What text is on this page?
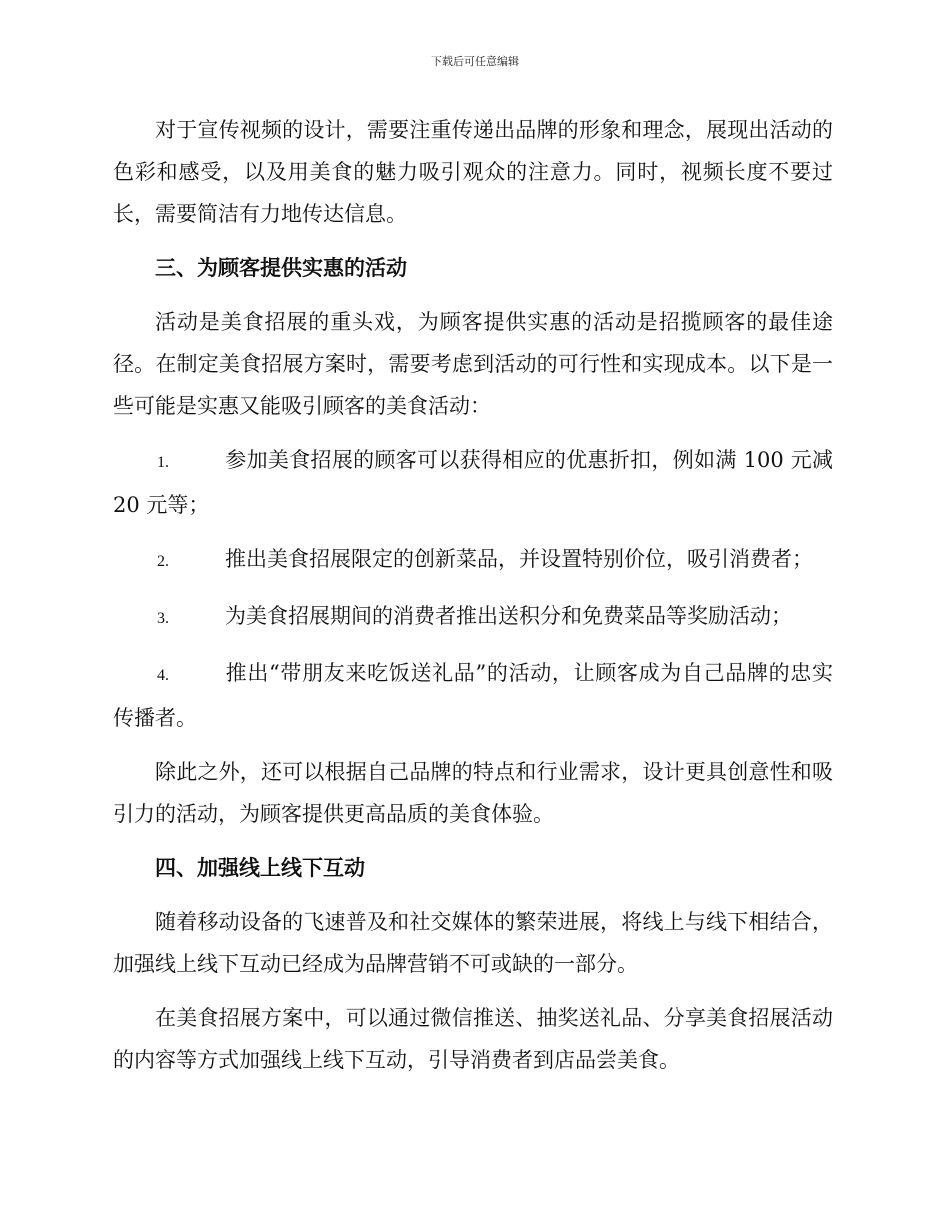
下载后可任意编辑

对于宣传视频的设计，需要注重传递出品牌的形象和理念，展现出活动的色彩和感受，以及用美食的魅力吸引观众的注意力。同时，视频长度不要过长，需要简洁有力地传达信息。

三、为顾客提供实惠的活动

活动是美食招展的重头戏，为顾客提供实惠的活动是招揽顾客的最佳途径。在制定美食招展方案时，需要考虑到活动的可行性和实现成本。以下是一些可能是实惠又能吸引顾客的美食活动：

1.	参加美食招展的顾客可以获得相应的优惠折扣，例如满 100 元减 20 元等；
2.	推出美食招展限定的创新菜品，并设置特别价位，吸引消费者；
3.	为美食招展期间的消费者推出送积分和免费菜品等奖励活动；
4.	推出“带朋友来吃饭送礼品”的活动，让顾客成为自己品牌的忠实传播者。

除此之外，还可以根据自己品牌的特点和行业需求，设计更具创意性和吸引力的活动，为顾客提供更高品质的美食体验。

四、加强线上线下互动

随着移动设备的飞速普及和社交媒体的繁荣进展，将线上与线下相结合，加强线上线下互动已经成为品牌营销不可或缺的一部分。

在美食招展方案中，可以通过微信推送、抽奖送礼品、分享美食招展活动的内容等方式加强线上线下互动，引导消费者到店品尝美食。
